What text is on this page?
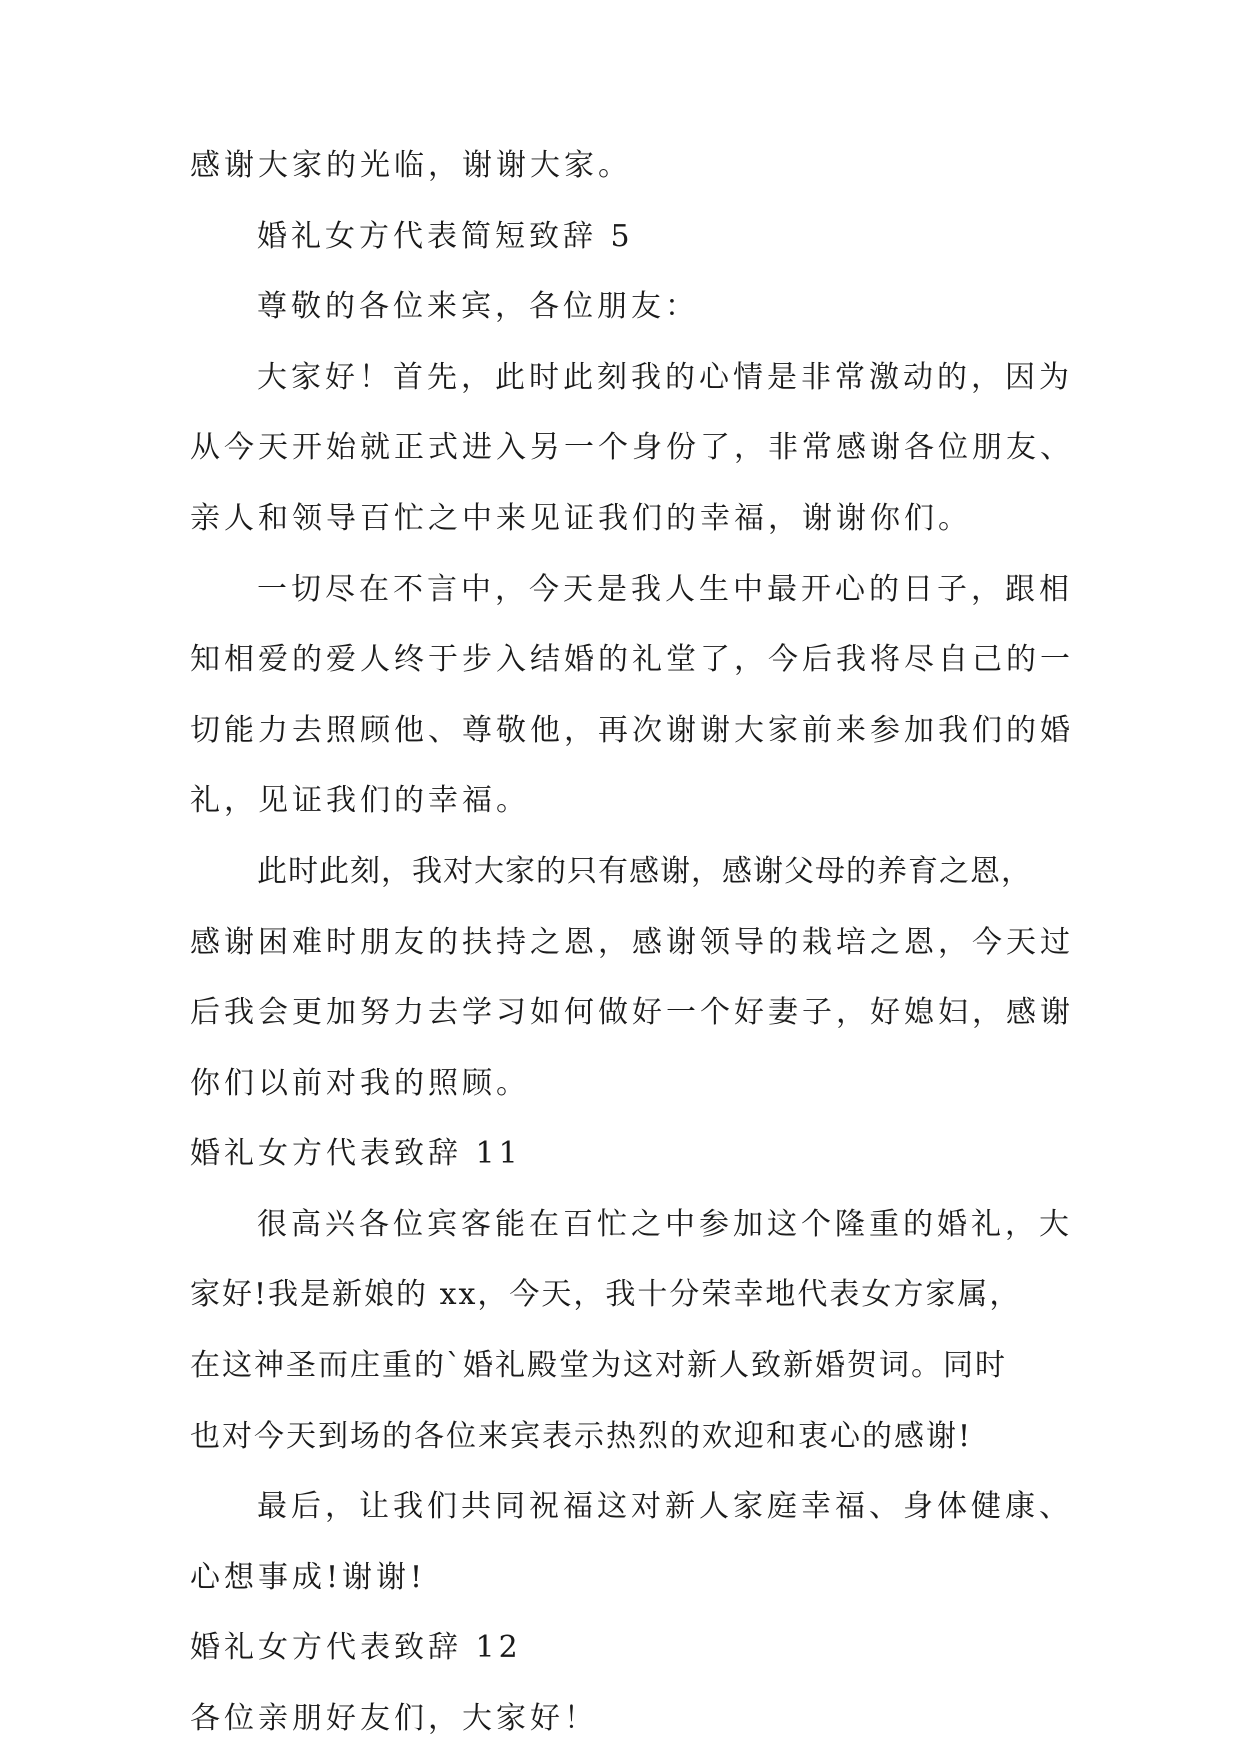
感谢大家的光临，谢谢大家。
婚礼女方代表简短致辞 5
尊敬的各位来宾，各位朋友：
大家好！首先，此时此刻我的心情是非常激动的，因为
从今天开始就正式进入另一个身份了，非常感谢各位朋友、
亲人和领导百忙之中来见证我们的幸福，谢谢你们。
一切尽在不言中，今天是我人生中最开心的日子，跟相
知相爱的爱人终于步入结婚的礼堂了，今后我将尽自己的一
切能力去照顾他、尊敬他，再次谢谢大家前来参加我们的婚
礼，见证我们的幸福。
此时此刻，我对大家的只有感谢，感谢父母的养育之恩，
感谢困难时朋友的扶持之恩，感谢领导的栽培之恩，今天过
后我会更加努力去学习如何做好一个好妻子，好媳妇，感谢
你们以前对我的照顾。
婚礼女方代表致辞 11
很高兴各位宾客能在百忙之中参加这个隆重的婚礼，大
家好!我是新娘的 xx，今天，我十分荣幸地代表女方家属，
在这神圣而庄重的`婚礼殿堂为这对新人致新婚贺词。同时
也对今天到场的各位来宾表示热烈的欢迎和衷心的感谢!
最后，让我们共同祝福这对新人家庭幸福、身体健康、
心想事成!谢谢!
婚礼女方代表致辞 12
各位亲朋好友们，大家好！
